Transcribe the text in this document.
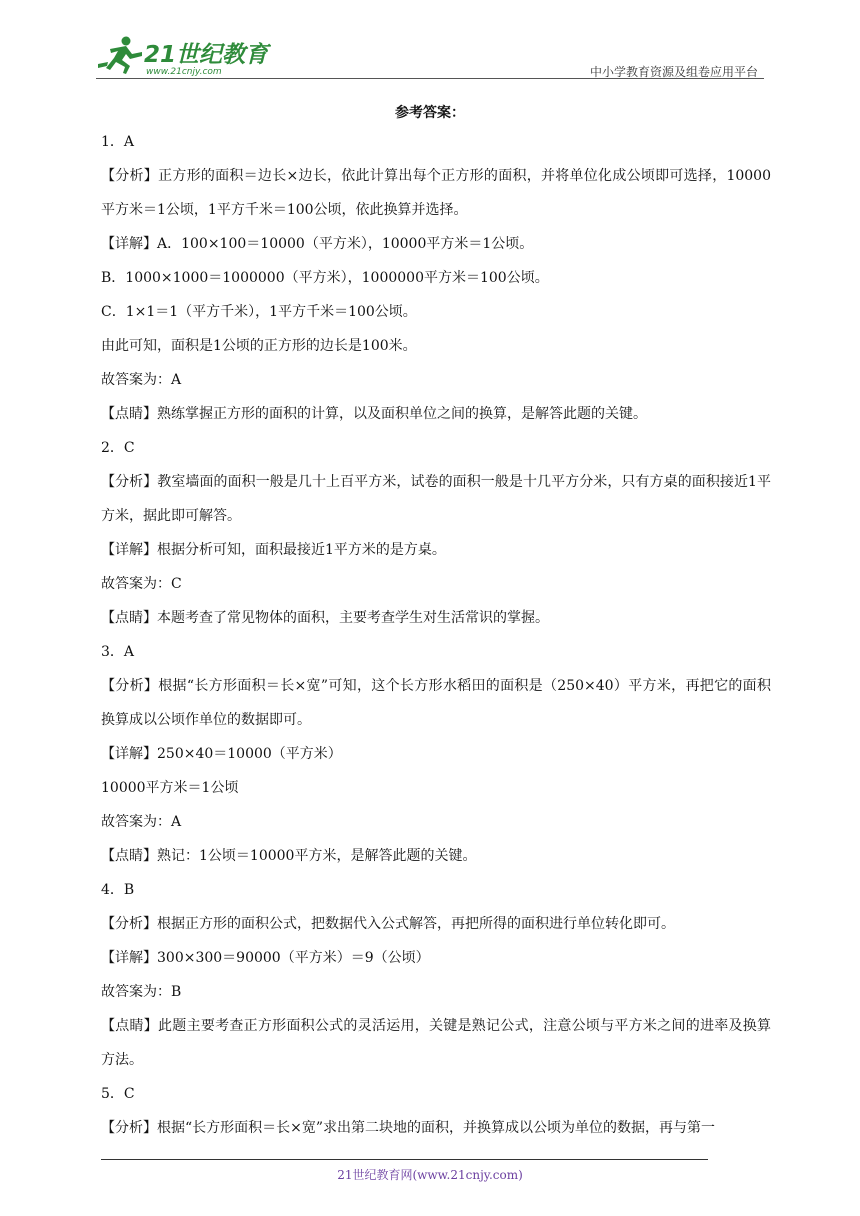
21世纪教育
www.21cnjy.com	中小学教育资源及组卷应用平台
参考答案：

1．A

【分析】正方形的面积＝边长×边长，依此计算出每个正方形的面积，并将单位化成公顷即可选择，10000平方米＝1公顷，1平方千米＝100公顷，依此换算并选择。

【详解】A．100×100＝10000（平方米），10000平方米＝1公顷。

B．1000×1000＝1000000（平方米），1000000平方米＝100公顷。

C．1×1＝1（平方千米），1平方千米＝100公顷。

由此可知，面积是1公顷的正方形的边长是100米。

故答案为：A

【点睛】熟练掌握正方形的面积的计算，以及面积单位之间的换算，是解答此题的关键。

2．C

【分析】教室墙面的面积一般是几十上百平方米，试卷的面积一般是十几平方分米，只有方桌的面积接近1平方米，据此即可解答。

【详解】根据分析可知，面积最接近1平方米的是方桌。

故答案为：C

【点睛】本题考查了常见物体的面积，主要考查学生对生活常识的掌握。

3．A

【分析】根据“长方形面积＝长×宽”可知，这个长方形水稻田的面积是（250×40）平方米，再把它的面积换算成以公顷作单位的数据即可。

【详解】250×40＝10000（平方米）

10000平方米＝1公顷

故答案为：A

【点睛】熟记：1公顷＝10000平方米，是解答此题的关键。

4．B

【分析】根据正方形的面积公式，把数据代入公式解答，再把所得的面积进行单位转化即可。

【详解】300×300＝90000（平方米）＝9（公顷）

故答案为：B

【点睛】此题主要考查正方形面积公式的灵活运用，关键是熟记公式，注意公顷与平方米之间的进率及换算方法。

5．C

【分析】根据“长方形面积＝长×宽”求出第二块地的面积，并换算成以公顷为单位的数据，再与第一

21世纪教育网(www.21cnjy.com)
